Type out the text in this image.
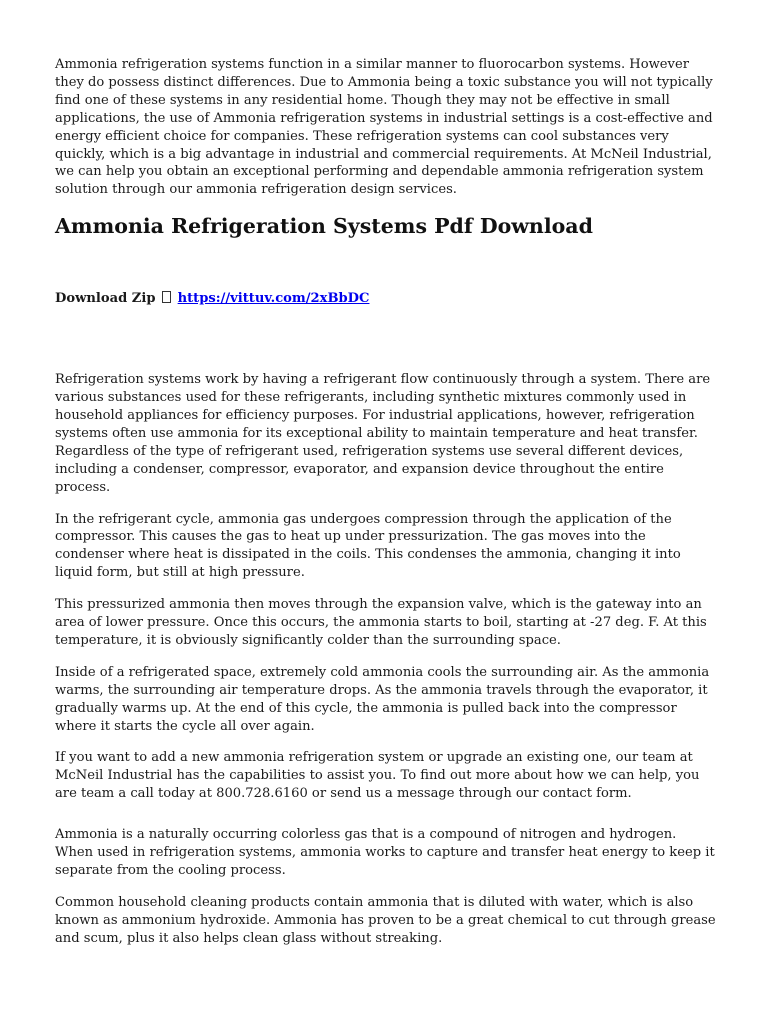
Ammonia refrigeration systems function in a similar manner to fluorocarbon systems. However they do possess distinct differences. Due to Ammonia being a toxic substance you will not typically find one of these systems in any residential home. Though they may not be effective in small applications, the use of Ammonia refrigeration systems in industrial settings is a cost-effective and energy efficient choice for companies. These refrigeration systems can cool substances very quickly, which is a big advantage in industrial and commercial requirements. At McNeil Industrial, we can help you obtain an exceptional performing and dependable ammonia refrigeration system solution through our ammonia refrigeration design services.

Ammonia Refrigeration Systems Pdf Download

Download Zip https://vittuv.com/2xBbDC

Refrigeration systems work by having a refrigerant flow continuously through a system. There are various substances used for these refrigerants, including synthetic mixtures commonly used in household appliances for efficiency purposes. For industrial applications, however, refrigeration systems often use ammonia for its exceptional ability to maintain temperature and heat transfer. Regardless of the type of refrigerant used, refrigeration systems use several different devices, including a condenser, compressor, evaporator, and expansion device throughout the entire process.

In the refrigerant cycle, ammonia gas undergoes compression through the application of the compressor. This causes the gas to heat up under pressurization. The gas moves into the condenser where heat is dissipated in the coils. This condenses the ammonia, changing it into liquid form, but still at high pressure.

This pressurized ammonia then moves through the expansion valve, which is the gateway into an area of lower pressure. Once this occurs, the ammonia starts to boil, starting at -27 deg. F. At this temperature, it is obviously significantly colder than the surrounding space.

Inside of a refrigerated space, extremely cold ammonia cools the surrounding air. As the ammonia warms, the surrounding air temperature drops. As the ammonia travels through the evaporator, it gradually warms up. At the end of this cycle, the ammonia is pulled back into the compressor where it starts the cycle all over again.

If you want to add a new ammonia refrigeration system or upgrade an existing one, our team at McNeil Industrial has the capabilities to assist you. To find out more about how we can help, you are team a call today at 800.728.6160 or send us a message through our contact form.

Ammonia is a naturally occurring colorless gas that is a compound of nitrogen and hydrogen. When used in refrigeration systems, ammonia works to capture and transfer heat energy to keep it separate from the cooling process.

Common household cleaning products contain ammonia that is diluted with water, which is also known as ammonium hydroxide. Ammonia has proven to be a great chemical to cut through grease and scum, plus it also helps clean glass without streaking.
